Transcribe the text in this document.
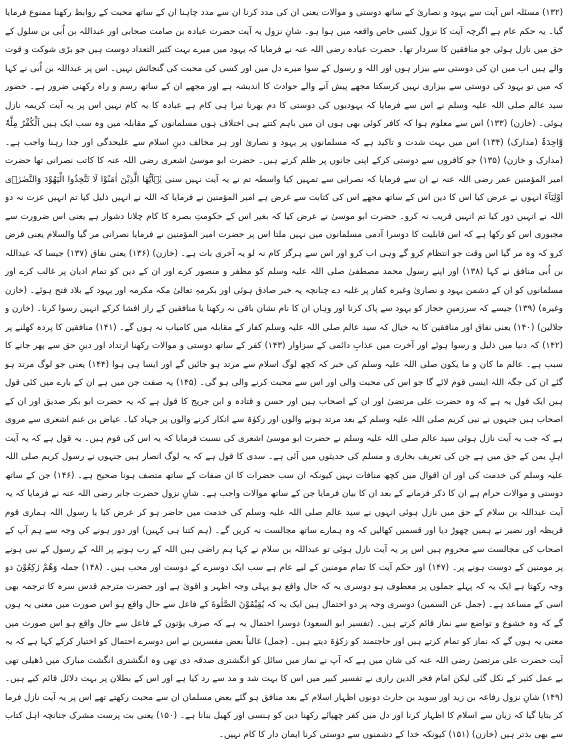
(۱۳۲) مسئلہ اس آیت سے یہود و نصاریٰ کے ساتھ دوستی و موالات یعنی ان کی مدد کرنا ان سے مدد چاہنا ان کے ساتھ محبت کے روابط رکھنا ممنوع فرمایا گیا۔ یہ حکم عام ہے اگرچہ آیت کا نزول کسی خاص واقعہ میں ہوا ہو۔ شانِ نزول یہ آیت حضرت عبادہ بن صامت صحابی اور عبداللہ بن اُبی بن سلول کے حق میں نازل ہوئی جو منافقین کا سردار تھا۔ حضرت عبادہ رضی اللہ عنہ نے فرمایا کہ یہود میں میرے بہت کثیر التعداد دوست ہیں جو بڑی شوکت و قوت والے ہیں اب میں ان کی دوستی سے بیزار ہوں اور اللہ و رسول کے سوا میرے دل میں اور کسی کی محبت کی گنجائش نہیں۔ اس پر عبداللہ بن اُبی نے کہا کہ میں تو یہود کی دوستی سے بیزاری نہیں کرسکتا مجھے پیش آنے والے حوادث کا اندیشہ ہے اور مجھے ان کے ساتھ رسم و راہ رکھنی ضرور ہے۔ حضور سید عالم صلی اللہ علیہ وسلم نے اس سے فرمایا کہ یہودیوں کی دوستی کا دم بھرنا تیرا ہی کام ہے عبادہ کا یہ کام نہیں اس پر یہ آیت کریمہ نازل ہوئی۔ (خازن) (۱۳۳) اس سے معلوم ہوا کہ کافر کوئی بھی ہوں ان میں باہم کتنے ہی اختلاف ہوں مسلمانوں کے مقابلہ میں وہ سب ایک ہیں اَلْکُفْرُ مِلَّۃٌ وَّاحِدَۃٌ (مدارک) (۱۳۴) اس میں بہت شدت و تاکید ہے کہ مسلمانوں پر یہود و نصاریٰ اور ہر مخالف دینِ اسلام سے علیحدگی اور جدا رہنا واجب ہے۔ (مدارک و خازن) (۱۳۵) جو کافروں سے دوستی کرکے اپنی جانوں پر ظلم کرتے ہیں۔ حضرت ابو موسیٰ اشعری رضی اللہ عنہ کا کاتب نصرانی تھا حضرت امیر المؤمنین عمر رضی اللہ عنہ نے ان سے فرمایا کہ نصرانی سے تمہیں کیا واسطہ تم نے یہ آیت نہیں سنی يٰۤاَيُّهَا الَّذِيْنَ اٰمَنُوْا لَا تَتَّخِذُوا الْيَهُوْدَ وَالنَّصٰرٰۤى اَوْلِيَآءَ انہوں نے عرض کیا اس کا دین اس کے ساتھ مجھے اس کی کتابت سے غرض ہے امیر المؤمنین نے فرمایا کہ اللہ نے انہیں ذلیل کیا تم انہیں عزت نہ دو اللہ نے انہیں دور کیا تم انہیں قریب نہ کرو۔ حضرت ابو موسیٰ نے عرض کیا کہ بغیر اس کے حکومتِ بصرہ کا کام چلانا دشوار ہے یعنی اس ضرورت سے مجبوری اس کو رکھا ہے کہ اس قابلیت کا دوسرا آدمی مسلمانوں میں نہیں ملتا اس پر حضرت امیر المؤمنین نے فرمایا نصرانی مر گیا والسلام یعنی فرض کرو کہ وہ مر گیا اس وقت جو انتظام کرو گے وہی اب کرو اور اس سے ہرگز کام نہ لو یہ آخری بات ہے۔ (خازن) (۱۳۶) یعنی نفاق (۱۳۷) جیسا کہ عبداللہ بن اُبی منافق نے کہا (۱۳۸) اور اپنے رسول محمد مصطفیٰ صلی اللہ علیہ وسلم کو مظفر و منصور کرے اور ان کے دین کو تمام ادیان پر غالب کرے اور مسلمانوں کو ان کے دشمن یہود و نصاریٰ وغیرہ کفار پر غلبہ دے چنانچہ یہ خبر صادق ہوئی اور بکرمہٖ تعالیٰ مکہ مکرمہ اور یہود کے بلاد فتح ہوئے۔ (خازن وغیرہ) (۱۳۹) جیسے کہ سرزمینِ حجاز کو یہود سے پاک کرنا اور وہاں ان کا نام نشان باقی نہ رکھنا یا منافقین کے راز افشا کرکے انہیں رسوا کرنا۔ (خازن و جلالین) (۱۴۰) یعنی نفاق اور منافقین کا یہ خیال کہ سید عالم صلی اللہ علیہ وسلم کفار کے مقابلہ میں کامیاب نہ ہوں گے۔ (۱۴۱) منافقین کا پردہ کھلنے پر (۱۴۲) کہ دنیا میں ذلیل و رسوا ہوئے اور آخرت میں عذابِ دائمی کے سزاوار (۱۴۳) کفر کے ساتھ دوستی و موالات رکھنا ارتداد اور دینِ حق سے پھر جانے کا سبب ہے۔ عالم ما کان و ما یکون صلی اللہ علیہ وسلم کی خبر کہ کچھ لوگ اسلام سے مرتد ہو جائیں گے اور ایسا ہی ہوا (۱۴۴) یعنی جو لوگ مرتد ہو گئے ان کی جگہ اللہ ایسی قوم لائے گا جو اس کی محبت والی اور اس سے محبت کرنے والی ہو گی۔ (۱۴۵) یہ صفت جن میں ہے ان کے بارے میں کئی قول ہیں ایک قول یہ ہے کہ وہ حضرت علی مرتضیٰ اور ان کے اصحاب ہیں اور حسن و قتادہ و ابن جریج کا قول ہے کہ یہ حضرت ابو بکر صدیق اور ان کے اصحاب ہیں جنہوں نے نبی کریم صلی اللہ علیہ وسلم کے بعد مرتد ہونے والوں اور زکوٰۃ سے انکار کرنے والوں پر جہاد کیا۔ عیاض بن غنم اشعری سے مروی ہے کہ جب یہ آیت نازل ہوئی سید عالم صلی اللہ علیہ وسلم نے حضرت ابو موسیٰ اشعری کی نسبت فرمایا کہ یہ اس کی قوم ہیں۔ یہ قول ہے کہ یہ آیت اہلِ یمن کے حق میں ہے جن کی تعریف بخاری و مسلم کی حدیثوں میں آئی ہے۔ سدی کا قول ہے کہ یہ لوگ انصار ہیں جنہوں نے رسول کریم صلی اللہ علیہ وسلم کی خدمت کی اور ان اقوال میں کچھ منافات نہیں کیونکہ ان سب حضرات کا ان صفات کے ساتھ متصف ہونا صحیح ہے۔ (۱۴۶) جن کے ساتھ دوستی و موالات حرام ہے ان کا ذکر فرمانے کے بعد ان کا بیان فرمایا جن کے ساتھ موالات واجب ہے۔ شانِ نزول حضرت جابر رضی اللہ عنہ نے فرمایا کہ یہ آیت عبداللہ بن سلام کے حق میں نازل ہوئی انہوں نے سید عالم صلی اللہ علیہ وسلم کی خدمت میں حاضر ہو کر عرض کیا یا رسول اللہ ہماری قوم قریظہ اور نضیر نے ہمیں چھوڑ دیا اور قسمیں کھالیں کہ وہ ہمارے ساتھ مجالست نہ کریں گے۔ (ہم کتنا ہی کہیں) اور دور ہونے کی وجہ سے ہم آپ کے اصحاب کی مجالست سے محروم ہیں اس پر یہ آیت نازل ہوئی تو عبداللہ بن سلام نے کہا ہم راضی ہیں اللہ کے رب ہونے پر اللہ کے رسول کے نبی ہونے پر مومنین کے دوست ہونے پر۔ (۱۴۷) اور حکم آیت کا تمام مومنین کے لیے عام ہے سب ایک دوسرے کے دوست اور محب ہیں۔ (۱۴۸) جملہ وَهُمْ رٰكِعُوْنَ دو وجہ رکھتا ہے ایک یہ کہ پہلے جملوں پر معطوف ہو دوسری یہ کہ حال واقع ہو پہلی وجہ اظہر و اقویٰ ہے اور حضرت مترجم قدس سرہ کا ترجمہ بھی اسی کے مساعد ہے۔ (جمل عن السمین) دوسری وجہ پر دو احتمال ہیں ایک یہ کہ يُقِيْمُوْنَ الصَّلٰوةَ کے فاعل سے حال واقع ہو اس صورت میں معنی یہ ہوں گے کہ وہ خشوع و تواضع سے نماز قائم کرتے ہیں۔ (تفسیر ابو السعود) دوسرا احتمال یہ ہے کہ صرف یؤتون کے فاعل سے حال واقع ہو اس صورت میں معنی یہ ہوں گے کہ نماز کو تمام کرتے ہیں اور حاجتمند کو زکوٰۃ دیتے ہیں۔ (جمل) غالباً بعض مفسرین نے اس دوسرے احتمال کو اختیار کرکے کہا ہے کہ یہ آیت حضرت علی مرتضیٰ رضی اللہ عنہ کی شان میں ہے کہ آپ نے نماز میں سائل کو انگشتری صدقہ دی تھی وہ انگشتری انگشت مبارک میں ڈھیلی تھی بے عمل کثیر کے نکل گئی لیکن امام فخر الدین رازی نے تفسیر کبیر میں اس کا بہت شد و مد سے رد کیا ہے اور اس کے بطلان پر بہت دلائل قائم کیے ہیں۔ (۱۴۹) شانِ نزول رفاعہ بن زید اور سوید بن حارث دونوں اظہار اسلام کے بعد منافق ہو گئے بعض مسلمان ان سے محبت رکھتے تھے اس پر یہ آیت نازل فرما کر بتایا گیا کہ زبان سے اسلام کا اظہار کرنا اور دل میں کفر چھپائے رکھنا دین کو ہنسی اور کھیل بنانا ہے۔ (۱۵۰) یعنی بت پرست مشرک جنانچہ اہل کتاب سے بھی بدتر ہیں (خازن) (۱۵۱) کیونکہ خدا کے دشمنوں سے دوستی کرنا ایمان دار کا کام نہیں۔
